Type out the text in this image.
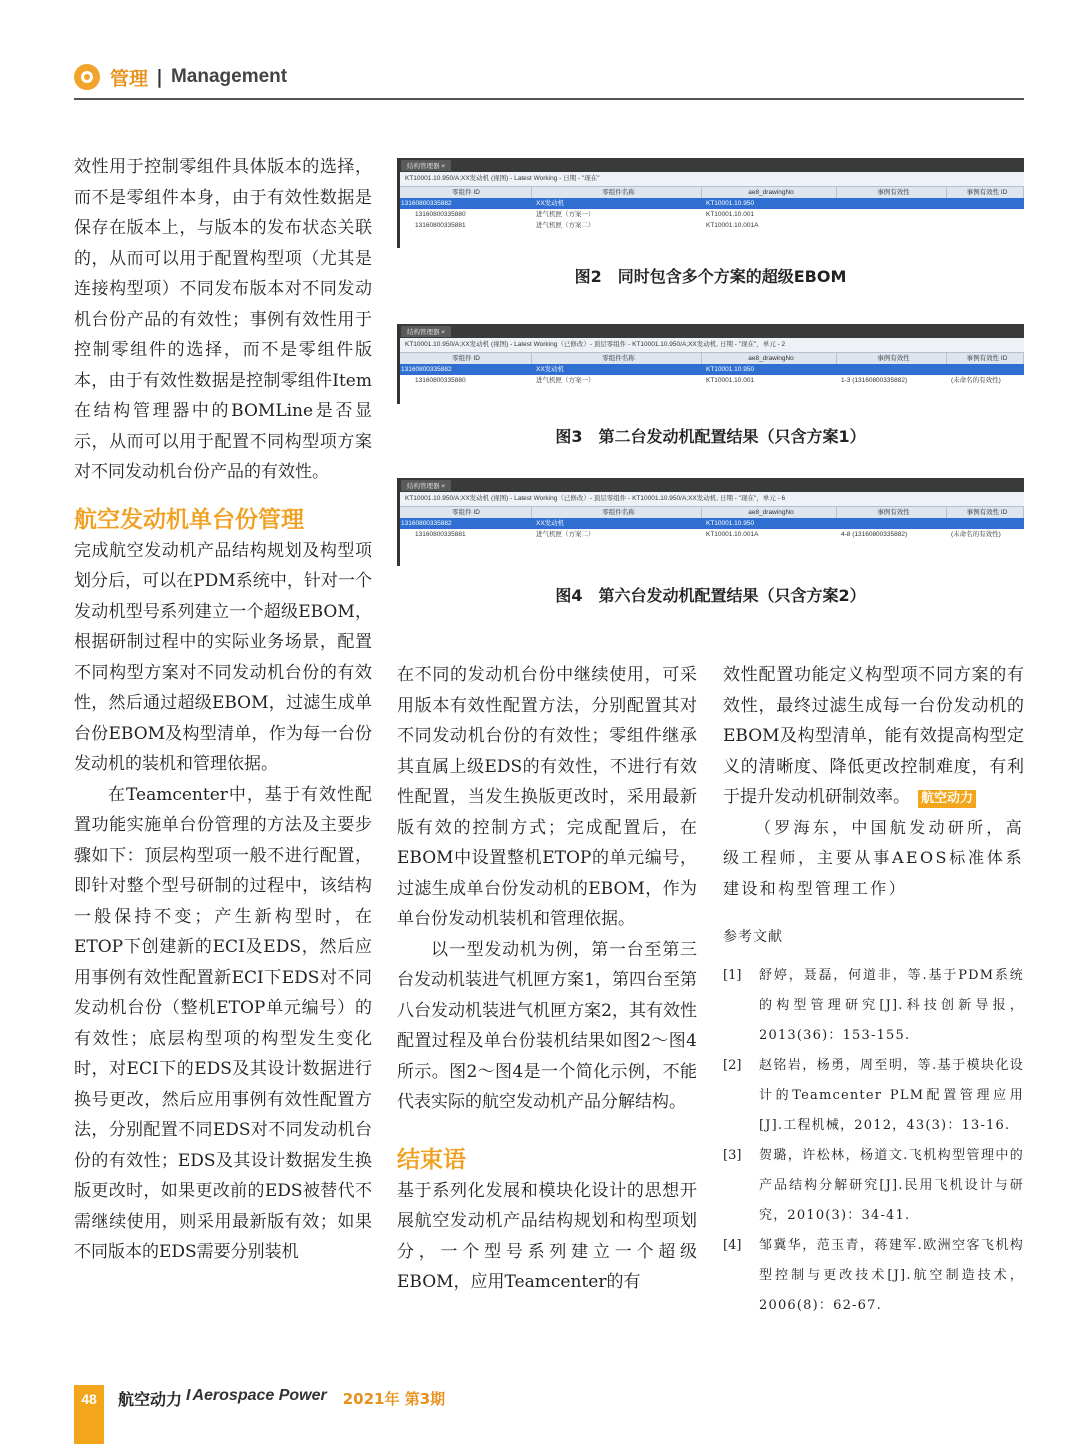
管理 | Management

效性用于控制零组件具体版本的选择，而不是零组件本身，由于有效性数据是保存在版本上，与版本的发布状态关联的，从而可以用于配置构型项（尤其是连接构型项）不同发布版本对不同发动机台份产品的有效性；事例有效性用于控制零组件的选择，而不是零组件版本，由于有效性数据是控制零组件Item在结构管理器中的BOMLine是否显示，从而可以用于配置不同构型项方案对不同发动机台份产品的有效性。

航空发动机单台份管理

完成航空发动机产品结构规划及构型项划分后，可以在PDM系统中，针对一个发动机型号系列建立一个超级EBOM，根据研制过程中的实际业务场景，配置不同构型方案对不同发动机台份的有效性，然后通过超级EBOM，过滤生成单台份EBOM及构型清单，作为每一台份发动机的装机和管理依据。

在Teamcenter中，基于有效性配置功能实施单台份管理的方法及主要步骤如下：顶层构型项一般不进行配置，即针对整个型号研制的过程中，该结构一般保持不变；产生新构型时，在ETOP下创建新的ECI及EDS，然后应用事例有效性配置新ECI下EDS对不同发动机台份（整机ETOP单元编号）的有效性；底层构型项的构型发生变化时，对ECI下的EDS及其设计数据进行换号更改，然后应用事例有效性配置方法，分别配置不同EDS对不同发动机台份的有效性；EDS及其设计数据发生换版更改时，如果更改前的EDS被替代不需继续使用，则采用最新版有效；如果不同版本的EDS需要分别装机

结构管理器 ×
KT10001.10.950/A;XX发动机 (视图) - Latest Working - 日期 - "现在"
零组件 ID	零组件名称	ae8_drawingNo	事例有效性	事例有效性 ID
13160800335882	XX发动机	KT10001.10.950
13160800335880	进气机匣（方案一）	KT10001.10.001
13160800335881	进气机匣（方案二）	KT10001.10.001A
图2　同时包含多个方案的超级EBOM
结构管理器 ×
KT10001.10.950/A;XX发动机 (视图) - Latest Working（已修改）- 顶层零组件 - KT10001.10.950/A;XX发动机, 日期 - "现在"，单元 - 2
零组件 ID	零组件名称	ae8_drawingNo	事例有效性	事例有效性 ID
13160800335882	XX发动机	KT10001.10.950
13160800335880	进气机匣（方案一）	KT10001.10.001	1-3 (13160800335882)	(未命名的有效性)
图3　第二台发动机配置结果（只含方案1）
结构管理器 ×
KT10001.10.950/A;XX发动机 (视图) - Latest Working（已修改）- 顶层零组件 - KT10001.10.950/A;XX发动机, 日期 - "现在"，单元 - 6
零组件 ID	零组件名称	ae8_drawingNo	事例有效性	事例有效性 ID
13160800335882	XX发动机	KT10001.10.950
13160800335881	进气机匣（方案二）	KT10001.10.001A	4-8 (13160800335882)	(未命名的有效性)
图4　第六台发动机配置结果（只含方案2）

在不同的发动机台份中继续使用，可采用版本有效性配置方法，分别配置其对不同发动机台份的有效性；零组件继承其直属上级EDS的有效性，不进行有效性配置，当发生换版更改时，采用最新版有效的控制方式；完成配置后，在EBOM中设置整机ETOP的单元编号，过滤生成单台份发动机的EBOM，作为单台份发动机装机和管理依据。

以一型发动机为例，第一台至第三台发动机装进气机匣方案1，第四台至第八台发动机装进气机匣方案2，其有效性配置过程及单台份装机结果如图2～图4所示。图2～图4是一个简化示例，不能代表实际的航空发动机产品分解结构。

结束语

基于系列化发展和模块化设计的思想开展航空发动机产品结构规划和构型项划分，一个型号系列建立一个超级EBOM，应用Teamcenter的有

效性配置功能定义构型项不同方案的有效性，最终过滤生成每一台份发动机的EBOM及构型清单，能有效提高构型定义的清晰度、降低更改控制难度，有利于提升发动机研制效率。 航空动力

（罗海东，中国航发动研所，高级工程师，主要从事AEOS标准体系建设和构型管理工作）

参考文献

[1]	舒婷，聂磊，何道非，等.基于PDM系统的构型管理研究[J].科技创新导报，2013(36)：153-155.
[2]	赵铭岩，杨勇，周至明，等.基于模块化设计的Teamcenter PLM配置管理应用[J].工程机械，2012，43(3)：13-16.
[3]	贺璐，许松林，杨道文.飞机构型管理中的产品结构分解研究[J].民用飞机设计与研究，2010(3)：34-41.
[4]	邹冀华，范玉青，蒋建军.欧洲空客飞机构型控制与更改技术[J].航空制造技术，2006(8)：62-67.
48	航空动力 I Aerospace Power 2021年 第3期
